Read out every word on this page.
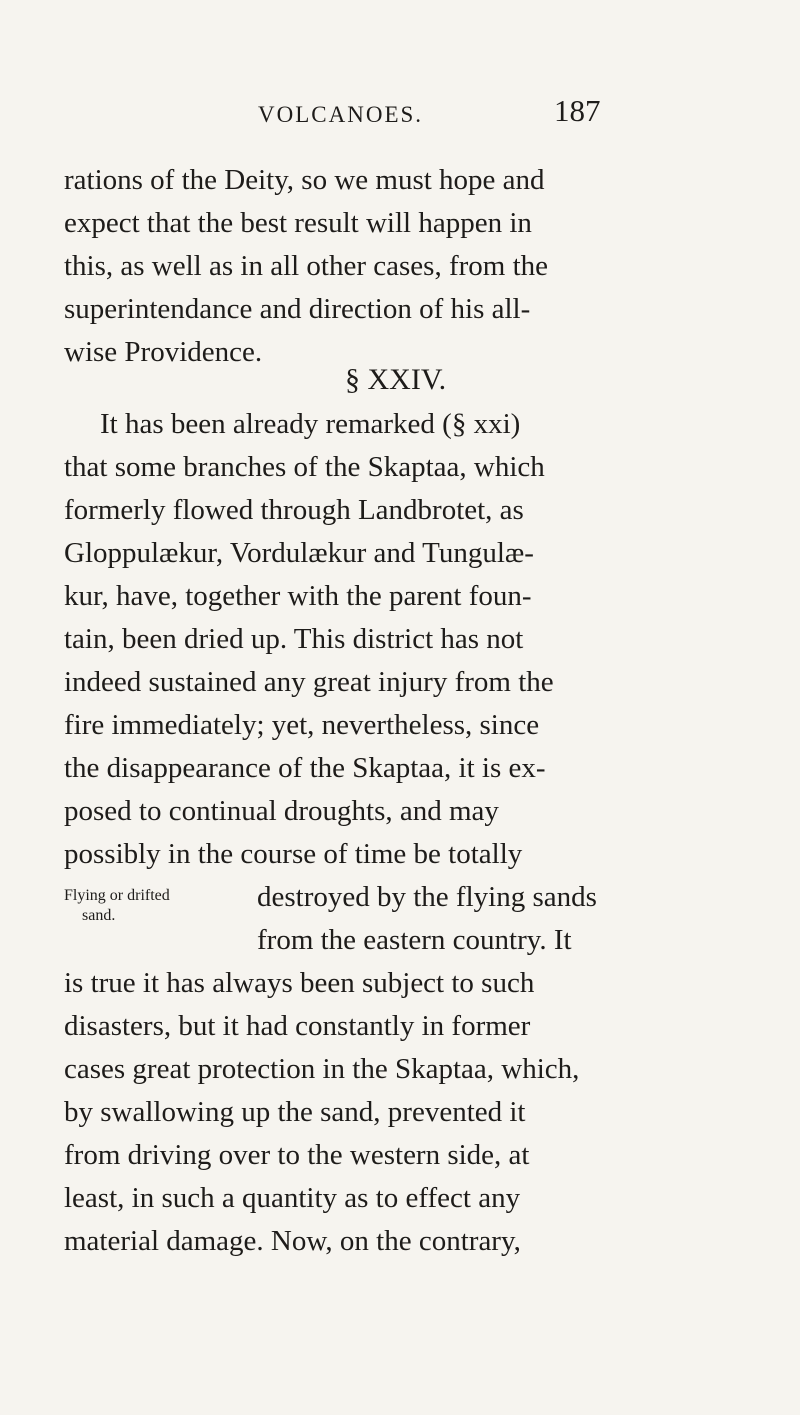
VOLCANOES.	187
rations of the Deity, so we must hope and
expect that the best result will happen in
this, as well as in all other cases, from the
superintendance and direction of his all-
wise Providence.
§ XXIV.
It has been already remarked (§ xxi)
that some branches of the Skaptaa, which
formerly flowed through Landbrotet, as
Gloppulækur, Vordulækur and Tungulæ-
kur, have, together with the parent foun-
tain, been dried up. This district has not
indeed sustained any great injury from the
fire immediately; yet, nevertheless, since
the disappearance of the Skaptaa, it is ex-
posed to continual droughts, and may
possibly in the course of time be totally
Flying or drifted
sand.
destroyed by the flying sands
from the eastern country. It
is true it has always been subject to such
disasters, but it had constantly in former
cases great protection in the Skaptaa, which,
by swallowing up the sand, prevented it
from driving over to the western side, at
least, in such a quantity as to effect any
material damage. Now, on the contrary,
